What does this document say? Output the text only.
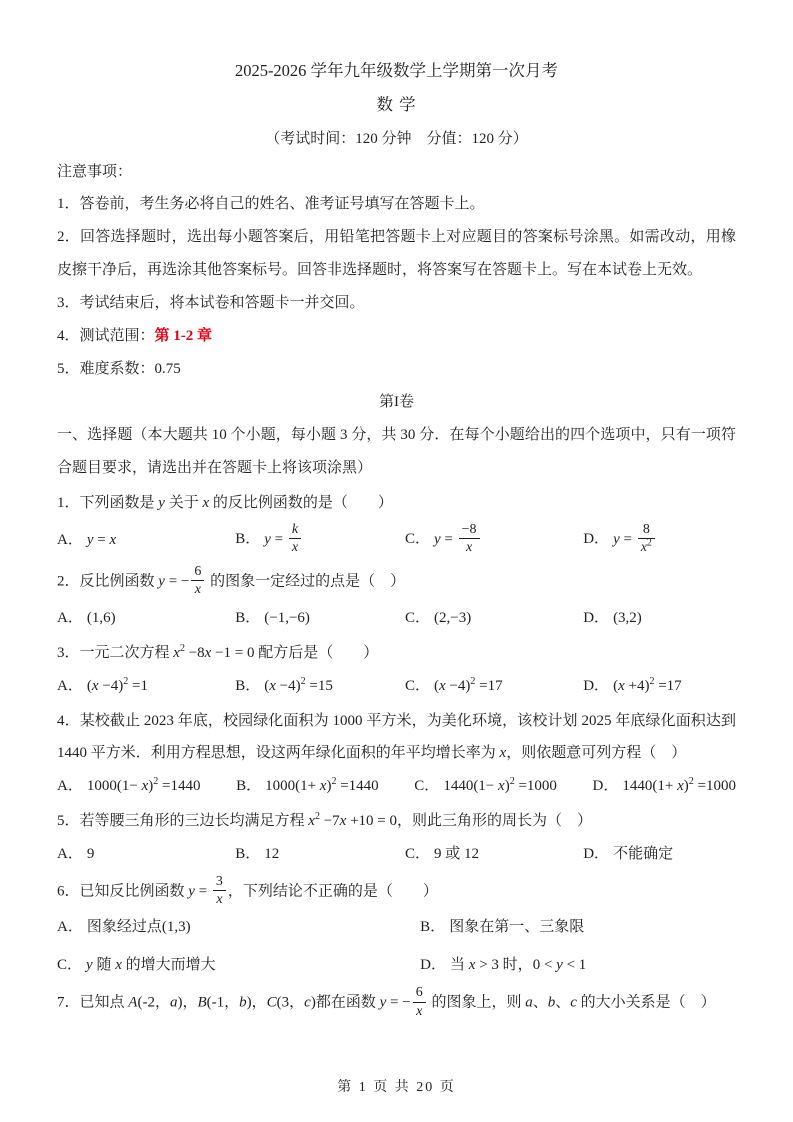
2025-2026 学年九年级数学上学期第一次月考
数 学
（考试时间：120 分钟　分值：120 分）
注意事项：
1．答卷前，考生务必将自己的姓名、准考证号填写在答题卡上。
2．回答选择题时，选出每小题答案后，用铅笔把答题卡上对应题目的答案标号涂黑。如需改动，用橡皮擦干净后，再选涂其他答案标号。回答非选择题时，将答案写在答题卡上。写在本试卷上无效。
3．考试结束后，将本试卷和答题卡一并交回。
4．测试范围：第 1-2 章
5．难度系数：0.75
第I卷
一、选择题（本大题共 10 个小题，每小题 3 分，共 30 分．在每个小题给出的四个选项中，只有一项符合题目要求，请选出并在答题卡上将该项涂黑）
1．下列函数是 y 关于 x 的反比例函数的是（　　）
A． y = x	B． $y = \frac{k}{x}$	C． $y = \frac{-8}{x}$	D． $y = \frac{8}{x^2}$
2．反比例函数 y = − $\frac{6}{x}$ 的图象一定经过的点是（　）
A． (1,6)	B． (−1,−6)	C． (2,−3)	D． (3,2)
3．一元二次方程 $x^2 -8x -1 = 0$ 配方后是（　　）
A． $(x -4)^2 =1$	B． $(x -4)^2 =15$	C． $(x -4)^2 =17$	D． $(x +4)^2 =17$
4．某校截止 2023 年底，校园绿化面积为 1000 平方米，为美化环境，该校计划 2025 年底绿化面积达到 1440 平方米．利用方程思想，设这两年绿化面积的年平均增长率为 x，则依题意可列方程（　）
A． $1000(1- x)^2 =1440$ B． $1000(1+ x)^2 =1440$ C． $1440(1- x)^2 =1000$ D． $1440(1+ x)^2 =1000$
5．若等腰三角形的三边长均满足方程 $x^2 -7x +10 = 0$，则此三角形的周长为（　）
A． 9	B． 12	C． 9 或 12	D． 不能确定
6．已知反比例函数 $y = \frac{3}{x}$ ，下列结论不正确的是（　　）
A． 图象经过点(1,3)	B． 图象在第一、三象限
C． y 随 x 的增大而增大	D． 当 x > 3 时，0 < y < 1
7．已知点 A(-2，a)，B(-1，b)，C(3，c)都在函数 y = − $\frac{6}{x}$ 的图象上，则 a、b、c 的大小关系是（　）
第 1 页 共 20 页
